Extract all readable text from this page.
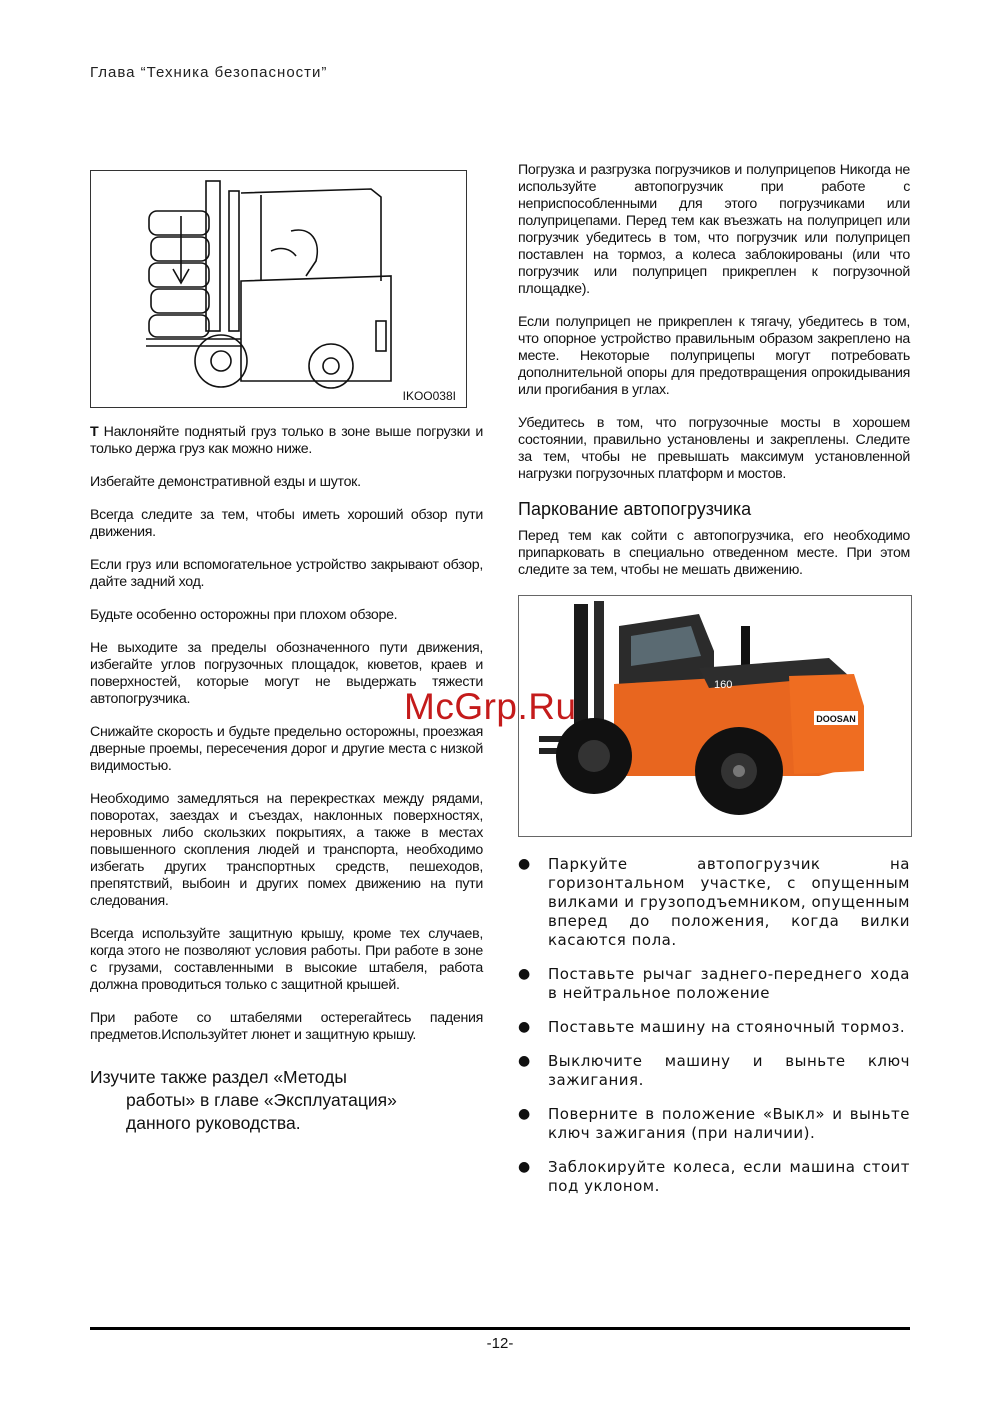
Глава “Техника безопасности”
IKOO038I

T Наклоняйте поднятый груз только в зоне выше погрузки и только держа груз как можно ниже.

Избегайте демонстративной езды и шуток.

Всегда следите за тем, чтобы иметь хороший обзор пути движения.

Если груз или вспомогательное устройство закрывают обзор, дайте задний ход.

Будьте особенно осторожны при плохом обзоре.

Не выходите за пределы обозначенного пути движения, избегайте углов погрузочных площадок, кюветов, краев и поверхностей, которые могут не выдержать тяжести автопогрузчика.

Снижайте скорость и будьте предельно осторожны, проезжая дверные проемы, пересечения дорог и другие места с низкой видимостью.

Необходимо замедляться на перекрестках между рядами, поворотах, заездах и съездах, наклонных поверхностях, неровных либо скользких покрытиях, а также в местах повышенного скопления людей и транспорта, необходимо избегать других транспортных средств, пешеходов, препятствий, выбоин и других помех движению на пути следования.

Всегда используйте защитную крышу, кроме тех случаев, когда этого не позволяют условия работы. При работе в зоне с грузами, составленными в высокие штабеля, работа должна проводиться только с защитной крышей.

При работе со штабелями остерегайтесь падения предметов.Используйтет люнет и защитную крышу.

Изучите также раздел «Методы
работы» в главе «Эксплуатация»
данного руководства.

Погрузка и разгрузка погрузчиков и полуприцепов Никогда не используйте автопогрузчик при работе с неприспособленными для этого погрузчиками или полуприцепами. Перед тем как въезжать на полуприцеп или погрузчик убедитесь в том, что погрузчик или полуприцеп поставлен на тормоз, а колеса заблокированы (или что погрузчик или полуприцеп прикреплен к погрузочной площадке).

Если полуприцеп не прикреплен к тягачу, убедитесь в том, что опорное устройство правильным образом закреплено на месте. Некоторые полуприцепы могут потребовать дополнительной опоры для предотвращения опрокидывания или прогибания в углах.

Убедитесь в том, что погрузочные мосты в хорошем состоянии, правильно установлены и закреплены. Следите за тем, чтобы не превышать максимум установленной нагрузки погрузочных платформ и мостов.

Паркование автопогрузчика

Перед тем как сойти с автопогрузчика, его необходимо припарковать в специально отведенном месте. При этом следите за тем, чтобы не мешать движению.

DOOSAN
160
● Паркуйте автопогрузчик на горизонтальном участке, с опущенным вилками и грузоподъемником, опущенным вперед до положения, когда вилки касаются пола.
● Поставьте рычаг заднего-переднего хода в нейтральное положение
● Поставьте машину на стояночный тормоз.
● Выключите машину и выньте ключ зажигания.
● Поверните в положение «Выкл» и выньте ключ зажигания (при наличии).
● Заблокируйте колеса, если машина стоит под уклоном.
McGrp.Ru
-12-
